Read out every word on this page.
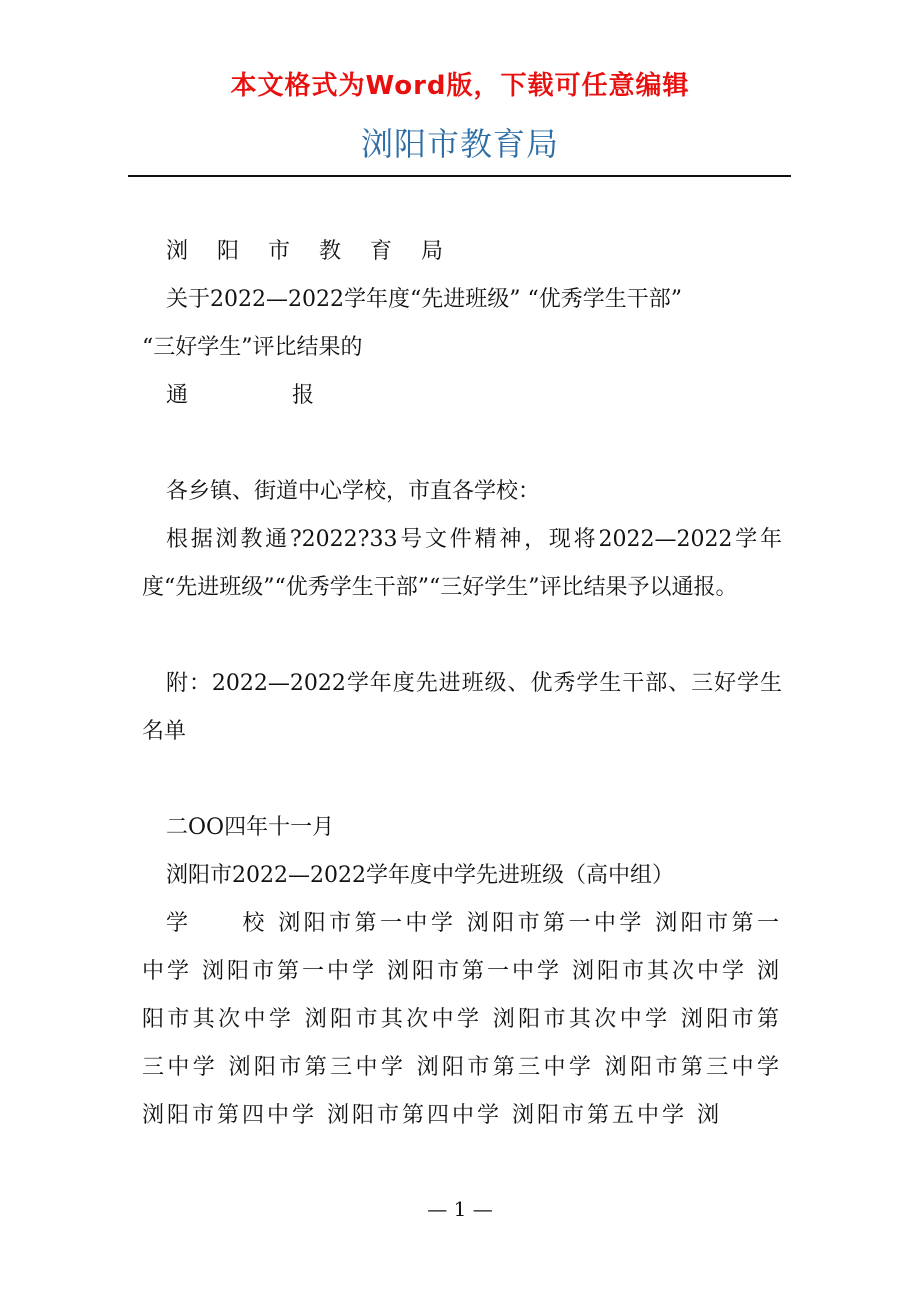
本文格式为Word版，下载可任意编辑
浏阳市教育局

浏 阳 市 教 育 局

关于2022—2022学年度“先进班级” “优秀学生干部”

“三好学生”评比结果的

通　　报

各乡镇、街道中心学校，市直各学校：

根据浏教通?2022?33号文件精神，现将2022—2022学年度“先进班级”“优秀学生干部”“三好学生”评比结果予以通报。

附：2022—2022学年度先进班级、优秀学生干部、三好学生名单

二OO四年十一月

浏阳市2022—2022学年度中学先进班级（高中组）

学　　校 浏阳市第一中学 浏阳市第一中学 浏阳市第一中学 浏阳市第一中学 浏阳市第一中学 浏阳市其次中学 浏阳市其次中学 浏阳市其次中学 浏阳市其次中学 浏阳市第三中学 浏阳市第三中学 浏阳市第三中学 浏阳市第三中学 浏阳市第四中学 浏阳市第四中学 浏阳市第五中学 浏

— 1 —
